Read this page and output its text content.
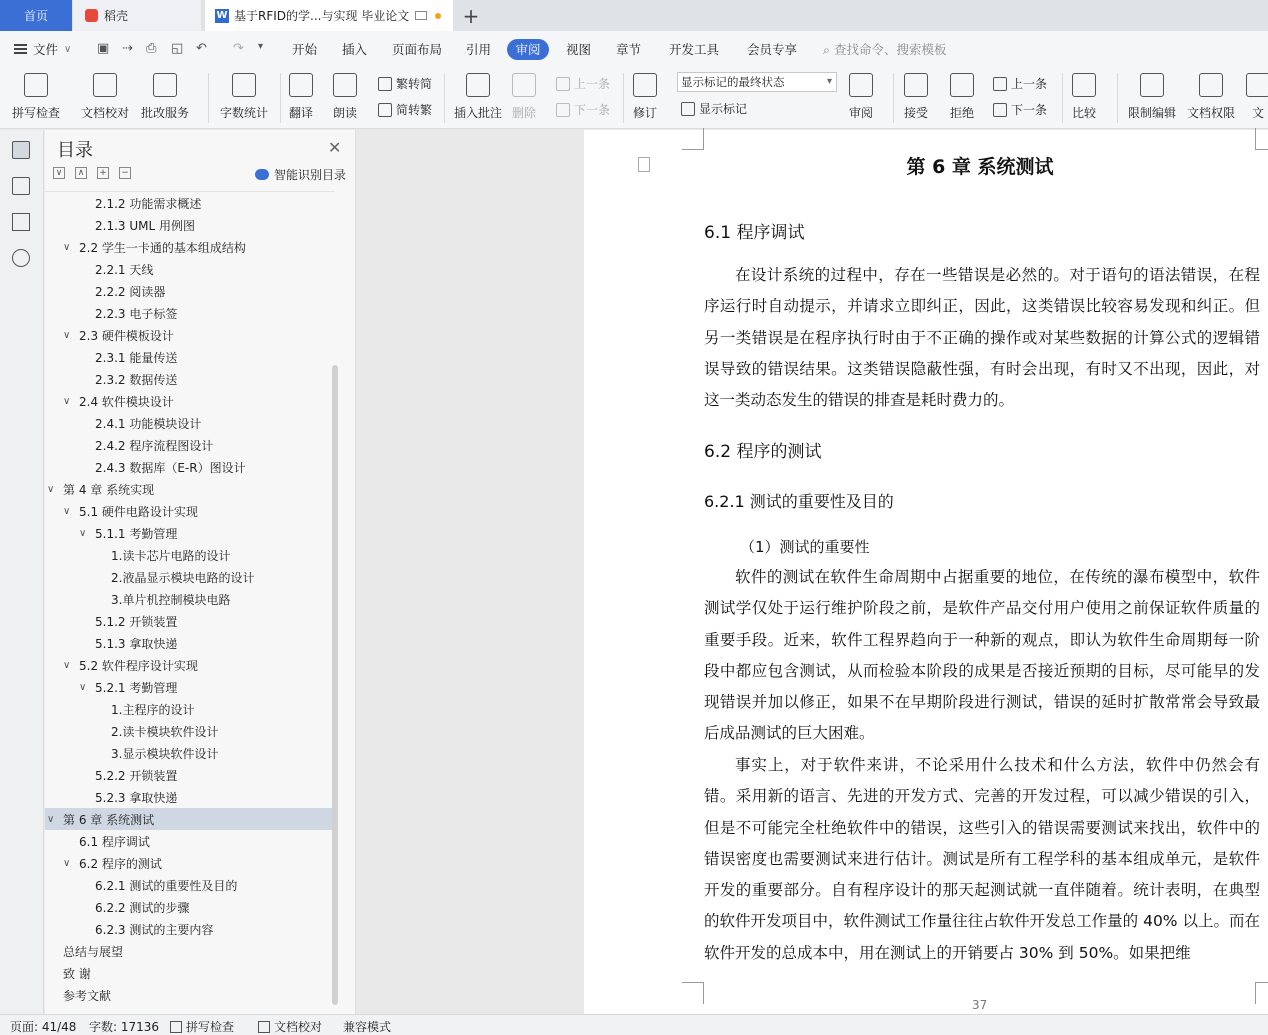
首页	稻壳	W 基于RFID的学...与实现 毕业论文	+
文件 ∨ ▣ ⇢ ⎙ ◱ ↶ ↷ ▾ 开始 插入 页面布局 引用	审阅	视图 章节 开发工具 会员专享 ⌕ 查找命令、搜索模板
拼写检查 文档校对 批改服务	字数统计 翻译 朗读
繁转简
简转繁 插入批注 删除
上一条
下一条 修订
显示标记的最终状态 ▾
显示标记	审阅	接受 拒绝
上一条
下一条 比较	限制编辑 文档权限 文
目录	✕
∨	∧	+ −	智能识别目录
2.1.2 功能需求概述
2.1.3 UML 用例图
∨ 2.2 学生一卡通的基本组成结构
2.2.1 天线
2.2.2 阅读器
2.2.3 电子标签
∨ 2.3 硬件模板设计
2.3.1 能量传送
2.3.2 数据传送
∨ 2.4 软件模块设计
2.4.1 功能模块设计
2.4.2 程序流程图设计
2.4.3 数据库（E-R）图设计
∨ 第 4 章 系统实现
∨ 5.1 硬件电路设计实现
∨ 5.1.1 考勤管理
1.读卡芯片电路的设计
2.液晶显示模块电路的设计
3.单片机控制模块电路
5.1.2 开锁装置
5.1.3 拿取快递
∨ 5.2 软件程序设计实现
∨ 5.2.1 考勤管理
1.主程序的设计
2.读卡模块软件设计
3.显示模块软件设计
5.2.2 开锁装置
5.2.3 拿取快递
∨ 第 6 章 系统测试
6.1 程序调试
∨ 6.2 程序的测试
6.2.1 测试的重要性及目的
6.2.2 测试的步骤
6.2.3 测试的主要内容
总结与展望
致 谢
参考文献
第 6 章 系统测试
6.1 程序调试
在设计系统的过程中，存在一些错误是必然的。对于语句的语法错误，在程序运行时自动提示，并请求立即纠正，因此，这类错误比较容易发现和纠正。但另一类错误是在程序执行时由于不正确的操作或对某些数据的计算公式的逻辑错误导致的错误结果。这类错误隐蔽性强，有时会出现，有时又不出现，因此，对这一类动态发生的错误的排查是耗时费力的。
6.2 程序的测试
6.2.1 测试的重要性及目的
（1）测试的重要性
软件的测试在软件生命周期中占据重要的地位，在传统的瀑布模型中，软件测试学仅处于运行维护阶段之前，是软件产品交付用户使用之前保证软件质量的重要手段。近来，软件工程界趋向于一种新的观点，即认为软件生命周期每一阶段中都应包含测试，从而检验本阶段的成果是否接近预期的目标，尽可能早的发现错误并加以修正，如果不在早期阶段进行测试，错误的延时扩散常常会导致最后成品测试的巨大困难。
事实上，对于软件来讲，不论采用什么技术和什么方法，软件中仍然会有错。采用新的语言、先进的开发方式、完善的开发过程，可以减少错误的引入，但是不可能完全杜绝软件中的错误，这些引入的错误需要测试来找出，软件中的错误密度也需要测试来进行估计。测试是所有工程学科的基本组成单元，是软件开发的重要部分。自有程序设计的那天起测试就一直伴随着。统计表明，在典型的软件开发项目中，软件测试工作量往往占软件开发总工作量的 40% 以上。而在软件开发的总成本中，用在测试上的开销要占 30% 到 50%。如果把维
37
页面: 41/48 字数: 17136 拼写检查	文档校对 兼容模式
